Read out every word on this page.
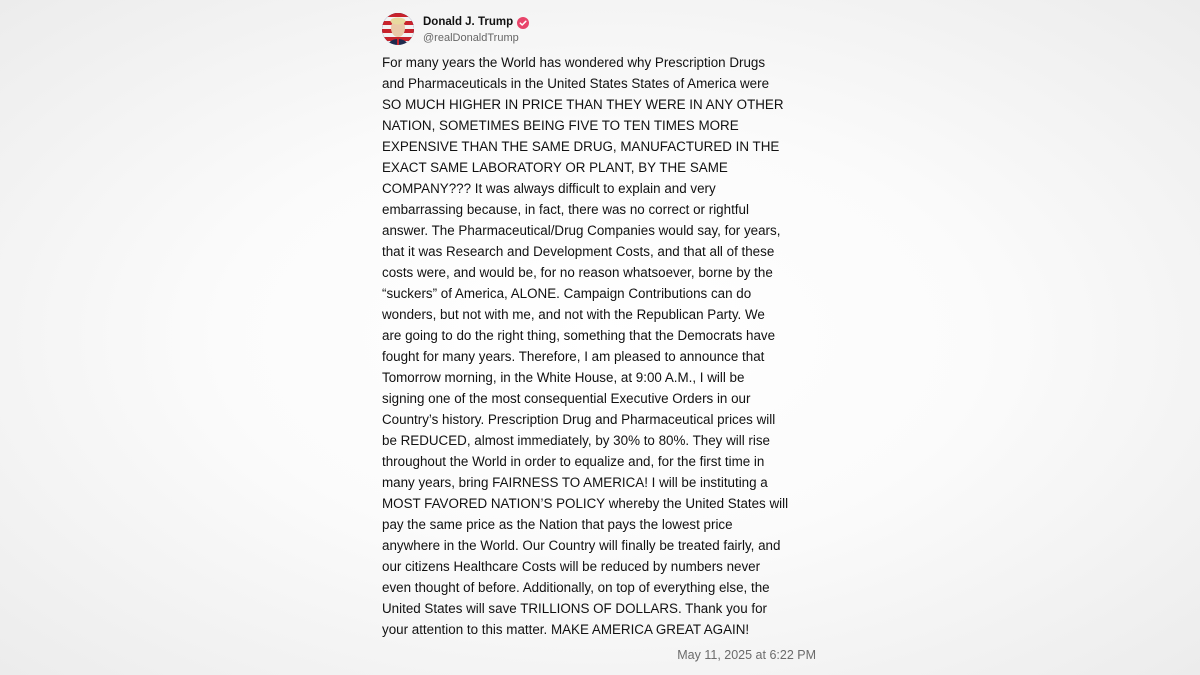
Donald J. Trump
@realDonaldTrump

For many years the World has wondered why Prescription Drugs
and Pharmaceuticals in the United States States of America were
SO MUCH HIGHER IN PRICE THAN THEY WERE IN ANY OTHER
NATION, SOMETIMES BEING FIVE TO TEN TIMES MORE
EXPENSIVE THAN THE SAME DRUG, MANUFACTURED IN THE
EXACT SAME LABORATORY OR PLANT, BY THE SAME
COMPANY??? It was always difficult to explain and very
embarrassing because, in fact, there was no correct or rightful
answer. The Pharmaceutical/Drug Companies would say, for years,
that it was Research and Development Costs, and that all of these
costs were, and would be, for no reason whatsoever, borne by the
“suckers” of America, ALONE. Campaign Contributions can do
wonders, but not with me, and not with the Republican Party. We
are going to do the right thing, something that the Democrats have
fought for many years. Therefore, I am pleased to announce that
Tomorrow morning, in the White House, at 9:00 A.M., I will be
signing one of the most consequential Executive Orders in our
Country’s history. Prescription Drug and Pharmaceutical prices will
be REDUCED, almost immediately, by 30% to 80%. They will rise
throughout the World in order to equalize and, for the first time in
many years, bring FAIRNESS TO AMERICA! I will be instituting a
MOST FAVORED NATION’S POLICY whereby the United States will
pay the same price as the Nation that pays the lowest price
anywhere in the World. Our Country will finally be treated fairly, and
our citizens Healthcare Costs will be reduced by numbers never
even thought of before. Additionally, on top of everything else, the
United States will save TRILLIONS OF DOLLARS. Thank you for
your attention to this matter. MAKE AMERICA GREAT AGAIN!

May 11, 2025 at 6:22 PM
